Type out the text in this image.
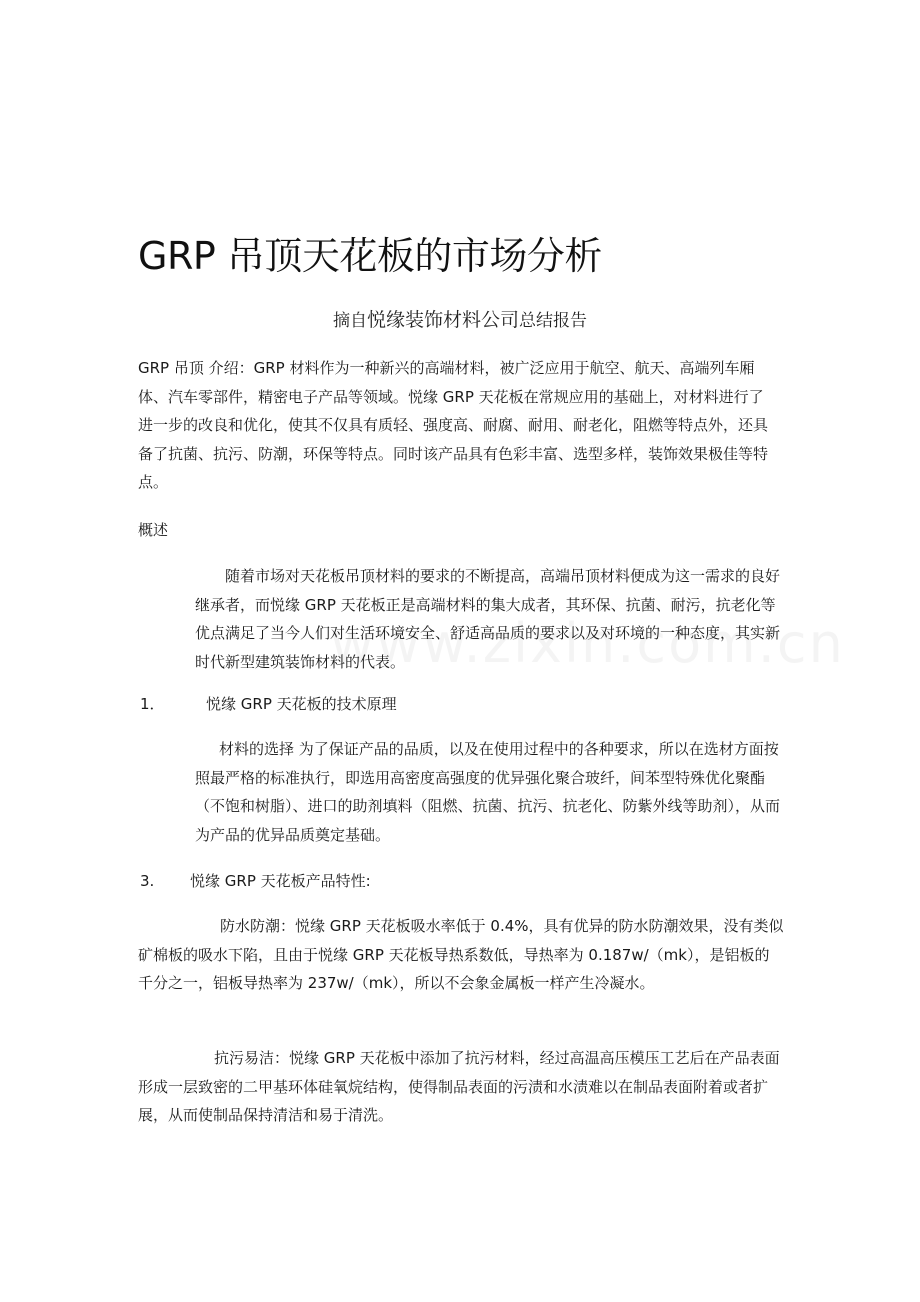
GRP 吊顶天花板的市场分析
摘自悦缘装饰材料公司总结报告
GRP 吊顶 介绍：GRP 材料作为一种新兴的高端材料，被广泛应用于航空、航天、高端列车厢体、汽车零部件，精密电子产品等领域。悦缘 GRP 天花板在常规应用的基础上，对材料进行了进一步的改良和优化，使其不仅具有质轻、强度高、耐腐、耐用、耐老化，阻燃等特点外，还具备了抗菌、抗污、防潮，环保等特点。同时该产品具有色彩丰富、选型多样，装饰效果极佳等特点。
概述
随着市场对天花板吊顶材料的要求的不断提高，高端吊顶材料便成为这一需求的良好继承者，而悦缘 GRP 天花板正是高端材料的集大成者，其环保、抗菌、耐污，抗老化等优点满足了当今人们对生活环境安全、舒适高品质的要求以及对环境的一种态度，其实新时代新型建筑装饰材料的代表。
1．	悦缘 GRP 天花板的技术原理
材料的选择 为了保证产品的品质，以及在使用过程中的各种要求，所以在选材方面按照最严格的标准执行，即选用高密度高强度的优异强化聚合玻纤，间苯型特殊优化聚酯（不饱和树脂）、进口的助剂填料（阻燃、抗菌、抗污、抗老化、防紫外线等助剂），从而为产品的优异品质奠定基础。
3. 悦缘 GRP 天花板产品特性:
防水防潮：悦缘 GRP 天花板吸水率低于 0.4%，具有优异的防水防潮效果，没有类似矿棉板的吸水下陷，且由于悦缘 GRP 天花板导热系数低，导热率为 0.187w/（mk），是铝板的千分之一，铝板导热率为 237w/（mk），所以不会象金属板一样产生冷凝水。
抗污易洁：悦缘 GRP 天花板中添加了抗污材料，经过高温高压模压工艺后在产品表面形成一层致密的二甲基环体硅氧烷结构，使得制品表面的污渍和水渍难以在制品表面附着或者扩展，从而使制品保持清洁和易于清洗。
